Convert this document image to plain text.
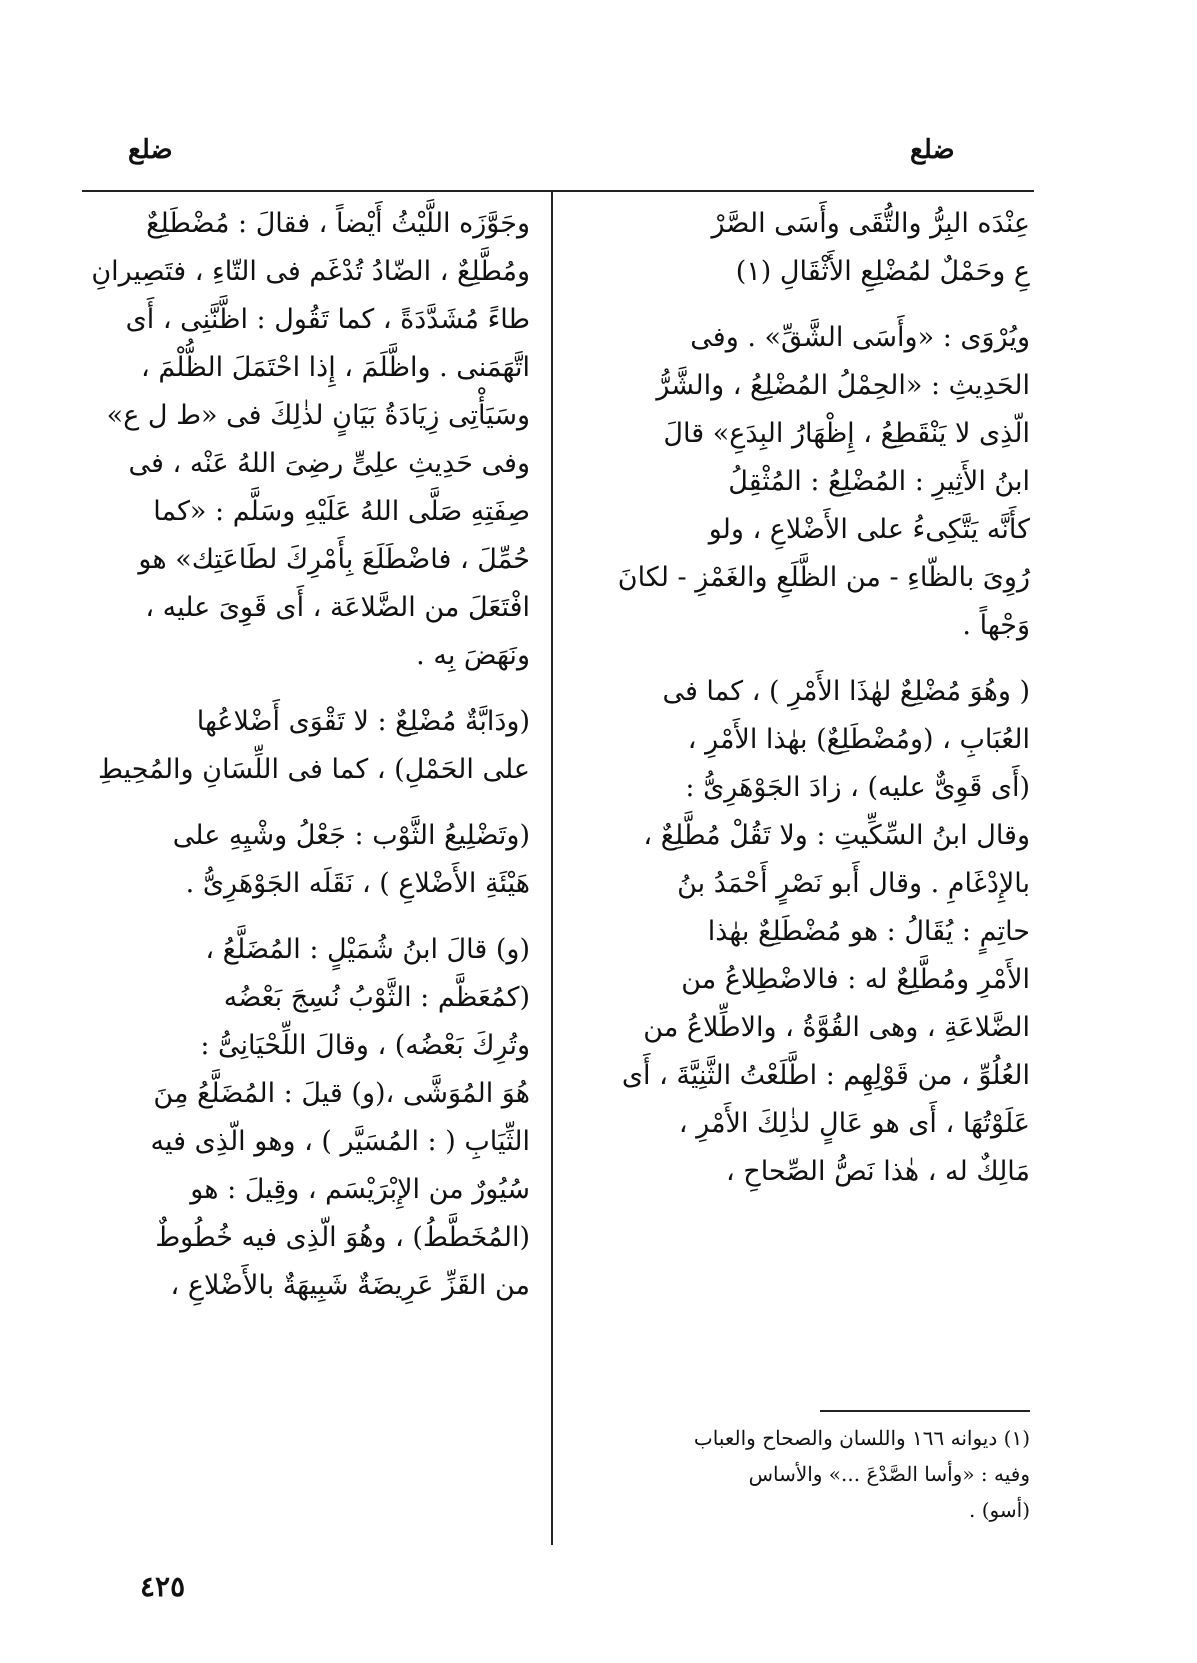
ضلع
ضلع

عِنْدَه البِرُّ والتُّقَى وأَسَى الصَّرْ
عِ وحَمْلٌ لمُضْلِعِ الأَثْقَالِ (١)

ويُرْوَى : «وأَسَى الشَّقِّ» . وفى
الحَدِيثِ : «الحِمْلُ المُضْلِعُ ، والشَّرُّ
الّذِى لا يَنْقَطِعُ ، إِظْهَارُ البِدَعِ» قالَ
ابنُ الأَثِيرِ : المُضْلِعُ : المُثْقِلُ
كأَنَّه يَتَّكِىءُ على الأَضْلاعِ ، ولو
رُوِىَ بالظّاءِ - من الظَّلَعِ والغَمْزِ - لكانَ
وَجْهاً .

( وهُوَ مُضْلِعٌ لهٰذَا الأَمْرِ ) ، كما فى
العُبَابِ ، (ومُضْطَلِعٌ) بهٰذا الأَمْرِ ،
(أَى قَوِىٌّ عليه) ، زادَ الجَوْهَرِىُّ :
وقال ابنُ السِّكِّيتِ : ولا تَقُلْ مُطَّلِعٌ ،
بالإِدْغَامِ . وقال أَبو نَصْرٍ أَحْمَدُ بنُ
حاتِمٍ : يُقَالُ : هو مُضْطَلِعٌ بهٰذا
الأَمْرِ ومُطَّلِعٌ له : فالاضْطِلاعُ من
الضَّلاعَةِ ، وهى القُوَّةُ ، والاطِّلاعُ من
العُلُوِّ ، من قَوْلِهِم : اطَّلَعْتُ الثَّنِيَّةَ ، أَى
عَلَوْتُهَا ، أَى هو عَالٍ لذٰلِكَ الأَمْرِ ،
مَالِكٌ له ، هٰذا نَصُّ الصِّحاحِ ،

وجَوَّزَه اللَّيْثُ أَيْضاً ، فقالَ : مُضْطَلِعٌ
ومُطَّلِعٌ ، الضّادُ تُدْغَم فى التّاءِ ، فتَصِيرانِ
طاءً مُشَدَّدَةً ، كما تَقُول : اظَّنَّنِى ، أَى
اتَّهَمَنى . واظَّلَمَ ، إِذا احْتَمَلَ الظُّلْمَ ،
وسَيَأْتِى زِيَادَةُ بَيَانٍ لذٰلِكَ فى «ط ل ع»
وفى حَدِيثِ علِىٍّ رضِىَ اللهُ عَنْه ، فى
صِفَتِهِ صَلَّى اللهُ عَلَيْهِ وسَلَّم : «كما
حُمِّلَ ، فاضْطَلَعَ بِأَمْرِكَ لطَاعَتِك» هو
افْتَعَلَ من الضَّلاعَة ، أَى قَوِىَ عليه ،
ونَهَضَ بِه .

(ودَابَّةٌ مُضْلِعٌ : لا تَقْوَى أَضْلاعُها
على الحَمْلِ) ، كما فى اللِّسَانِ والمُحِيطِ

(وتَضْلِيعُ الثَّوْب : جَعْلُ وشْيِهِ على
هَيْئَةِ الأَضْلاعِ ) ، نَقَلَه الجَوْهَرِىُّ .

(و) قالَ ابنُ شُمَيْلٍ : المُضَلَّعُ ،
(كمُعَظَّم : الثَّوْبُ نُسِجَ بَعْضُه
وتُرِكَ بَعْضُه) ، وقالَ اللِّحْيَانِىُّ :
هُوَ المُوَشَّى ،(و) قيلَ : المُضَلَّعُ مِنَ
الثِّيَابِ ( : المُسَيَّر ) ، وهو الّذِى فيه
سُيُورٌ من الإِبْرَيْسَم ، وقِيلَ : هو
(المُخَطَّطُ) ، وهُوَ الّذِى فيه خُطُوطٌ
من القَزِّ عَرِيضَةٌ شَبِيهَةٌ بالأَضْلاعِ ،

(١) ديوانه ١٦٦ واللسان والصحاح والعباب
وفيه : «وأسا الصَّدْعَ ...» والأساس
(أسو) .
٤٢٥
